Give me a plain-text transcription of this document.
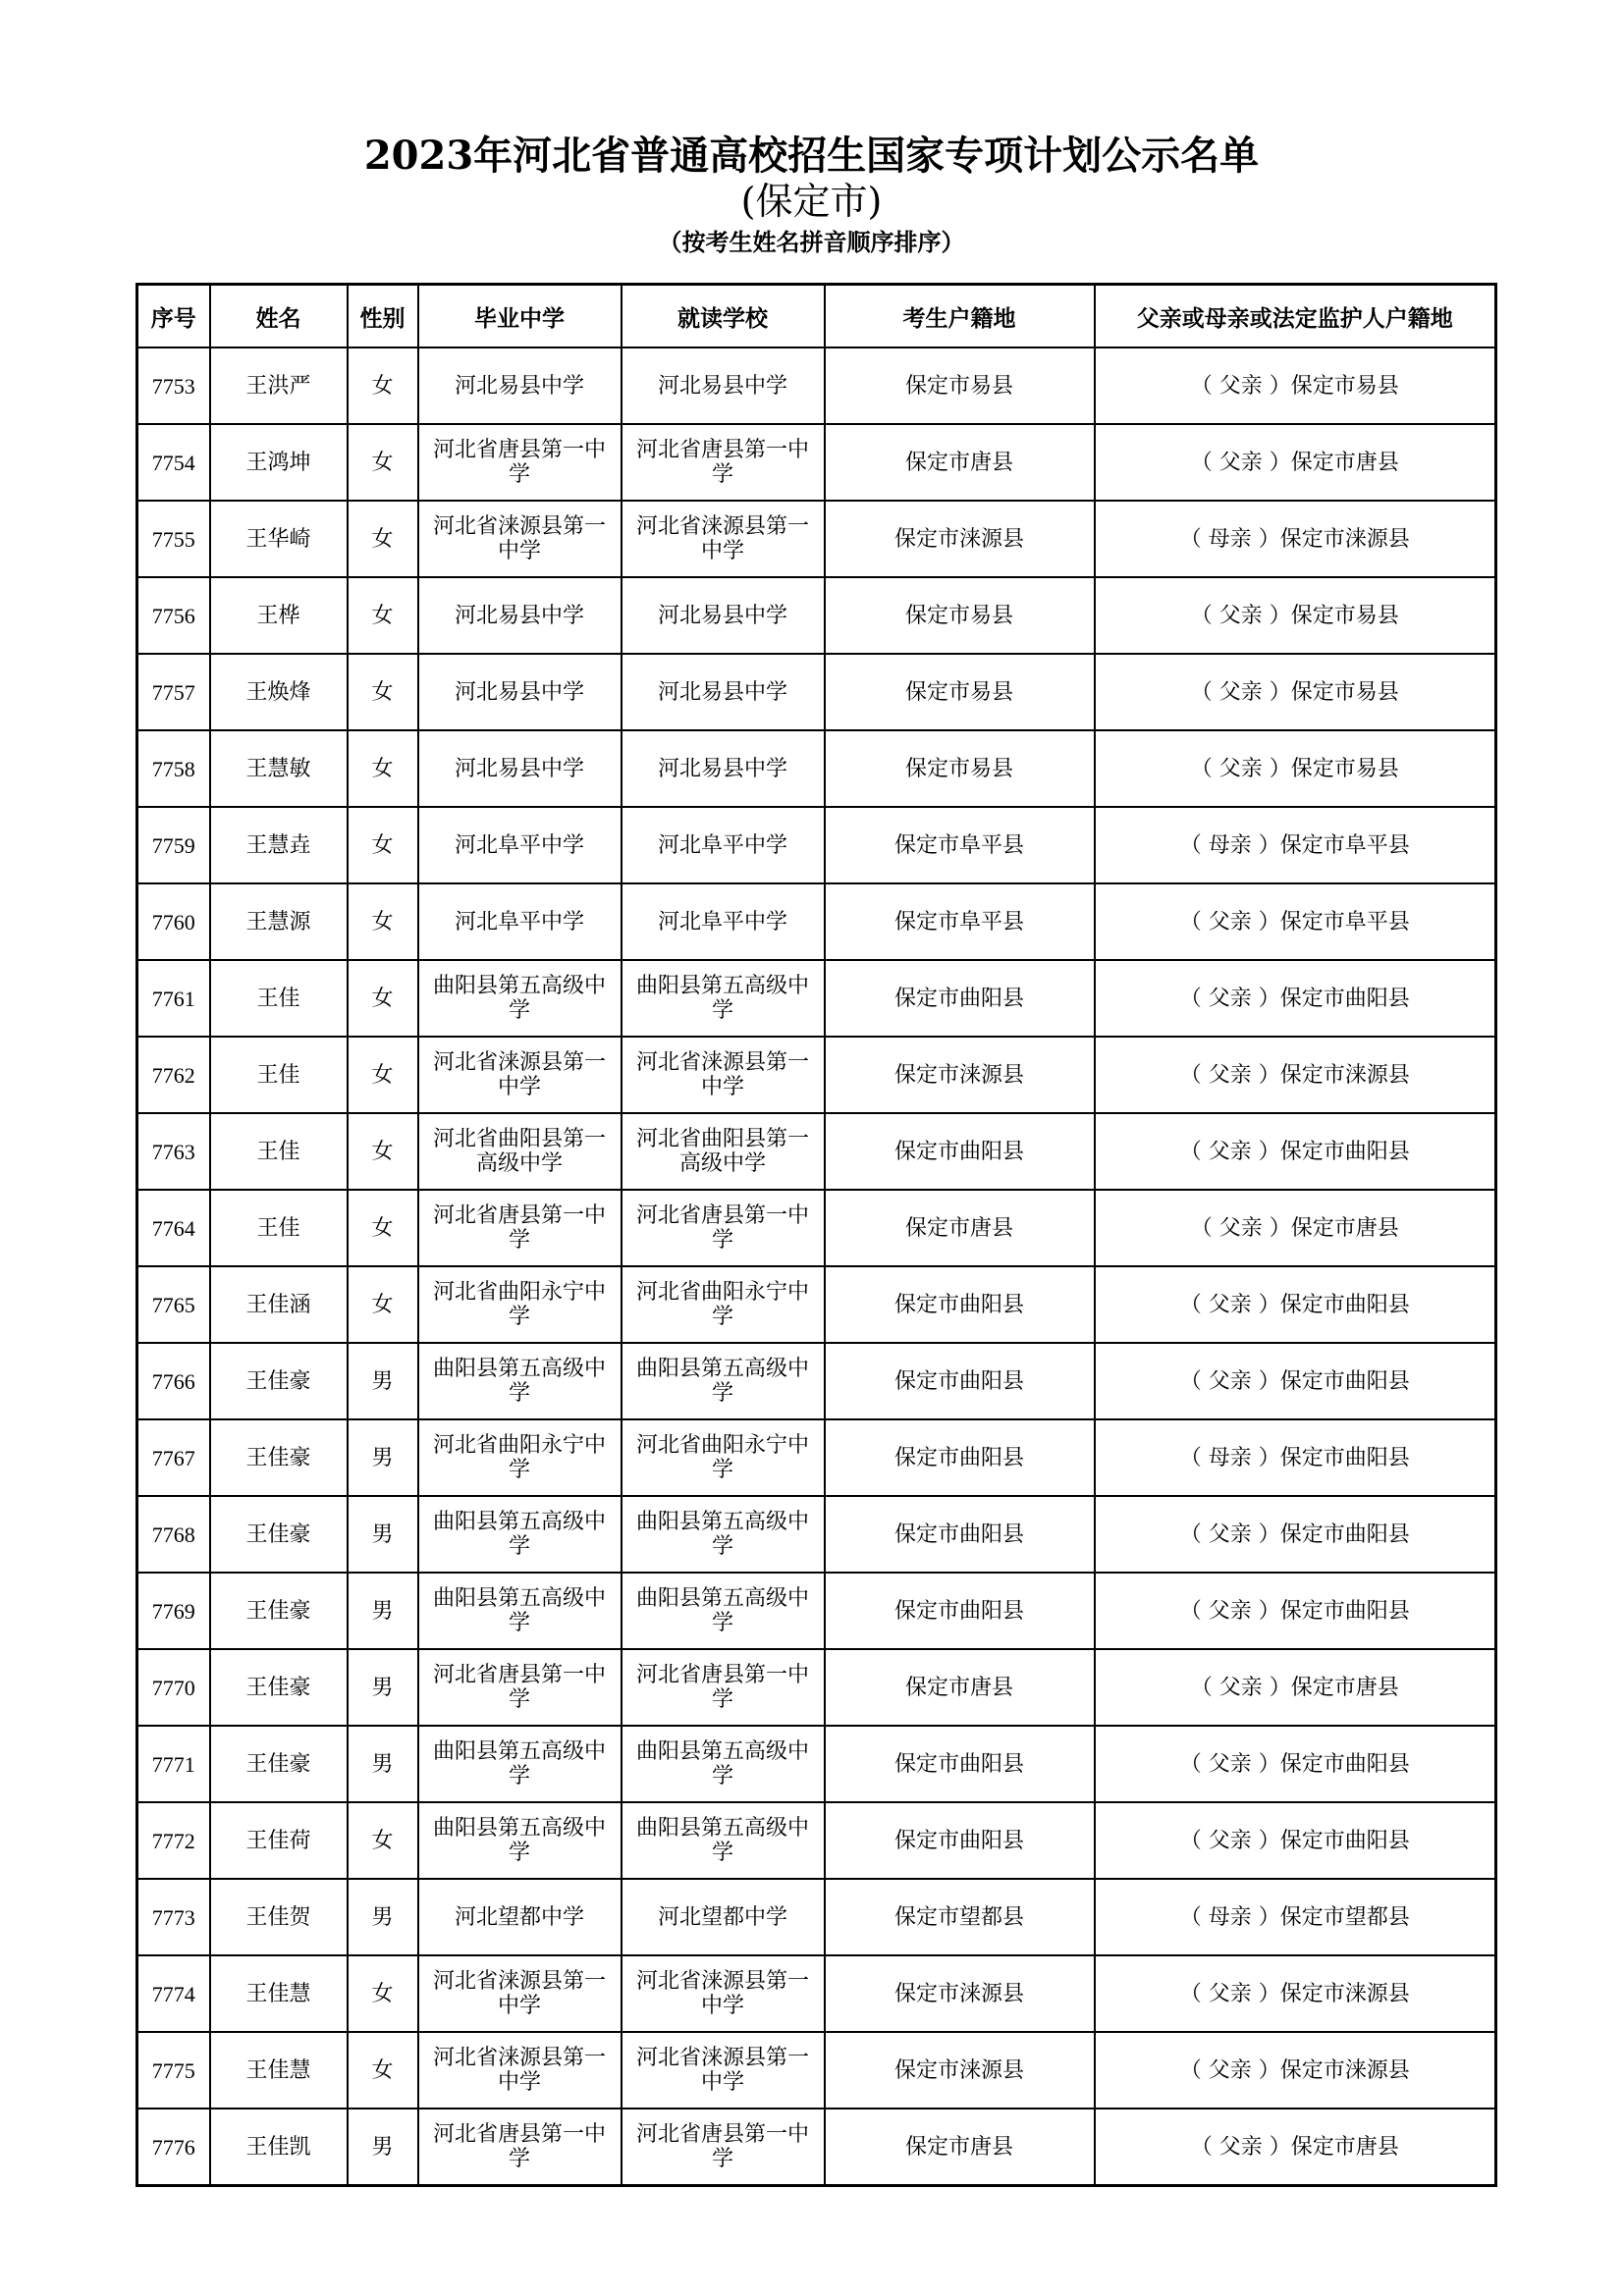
2023年河北省普通高校招生国家专项计划公示名单
(保定市)
（按考生姓名拼音顺序排序）
序号	姓名	性别	毕业中学	就读学校	考生户籍地	父亲或母亲或法定监护人户籍地
7753	王洪严	女	河北易县中学	河北易县中学	保定市易县	（ 父亲 ）保定市易县
7754	王鸿坤	女	河北省唐县第一中学	河北省唐县第一中学	保定市唐县	（ 父亲 ）保定市唐县
7755	王华崎	女	河北省涞源县第一中学	河北省涞源县第一中学	保定市涞源县	（ 母亲 ）保定市涞源县
7756	王桦	女	河北易县中学	河北易县中学	保定市易县	（ 父亲 ）保定市易县
7757	王焕烽	女	河北易县中学	河北易县中学	保定市易县	（ 父亲 ）保定市易县
7758	王慧敏	女	河北易县中学	河北易县中学	保定市易县	（ 父亲 ）保定市易县
7759	王慧垚	女	河北阜平中学	河北阜平中学	保定市阜平县	（ 母亲 ）保定市阜平县
7760	王慧源	女	河北阜平中学	河北阜平中学	保定市阜平县	（ 父亲 ）保定市阜平县
7761	王佳	女	曲阳县第五高级中学	曲阳县第五高级中学	保定市曲阳县	（ 父亲 ）保定市曲阳县
7762	王佳	女	河北省涞源县第一中学	河北省涞源县第一中学	保定市涞源县	（ 父亲 ）保定市涞源县
7763	王佳	女	河北省曲阳县第一高级中学	河北省曲阳县第一高级中学	保定市曲阳县	（ 父亲 ）保定市曲阳县
7764	王佳	女	河北省唐县第一中学	河北省唐县第一中学	保定市唐县	（ 父亲 ）保定市唐县
7765	王佳涵	女	河北省曲阳永宁中学	河北省曲阳永宁中学	保定市曲阳县	（ 父亲 ）保定市曲阳县
7766	王佳豪	男	曲阳县第五高级中学	曲阳县第五高级中学	保定市曲阳县	（ 父亲 ）保定市曲阳县
7767	王佳豪	男	河北省曲阳永宁中学	河北省曲阳永宁中学	保定市曲阳县	（ 母亲 ）保定市曲阳县
7768	王佳豪	男	曲阳县第五高级中学	曲阳县第五高级中学	保定市曲阳县	（ 父亲 ）保定市曲阳县
7769	王佳豪	男	曲阳县第五高级中学	曲阳县第五高级中学	保定市曲阳县	（ 父亲 ）保定市曲阳县
7770	王佳豪	男	河北省唐县第一中学	河北省唐县第一中学	保定市唐县	（ 父亲 ）保定市唐县
7771	王佳豪	男	曲阳县第五高级中学	曲阳县第五高级中学	保定市曲阳县	（ 父亲 ）保定市曲阳县
7772	王佳荷	女	曲阳县第五高级中学	曲阳县第五高级中学	保定市曲阳县	（ 父亲 ）保定市曲阳县
7773	王佳贺	男	河北望都中学	河北望都中学	保定市望都县	（ 母亲 ）保定市望都县
7774	王佳慧	女	河北省涞源县第一中学	河北省涞源县第一中学	保定市涞源县	（ 父亲 ）保定市涞源县
7775	王佳慧	女	河北省涞源县第一中学	河北省涞源县第一中学	保定市涞源县	（ 父亲 ）保定市涞源县
7776	王佳凯	男	河北省唐县第一中学	河北省唐县第一中学	保定市唐县	（ 父亲 ）保定市唐县
